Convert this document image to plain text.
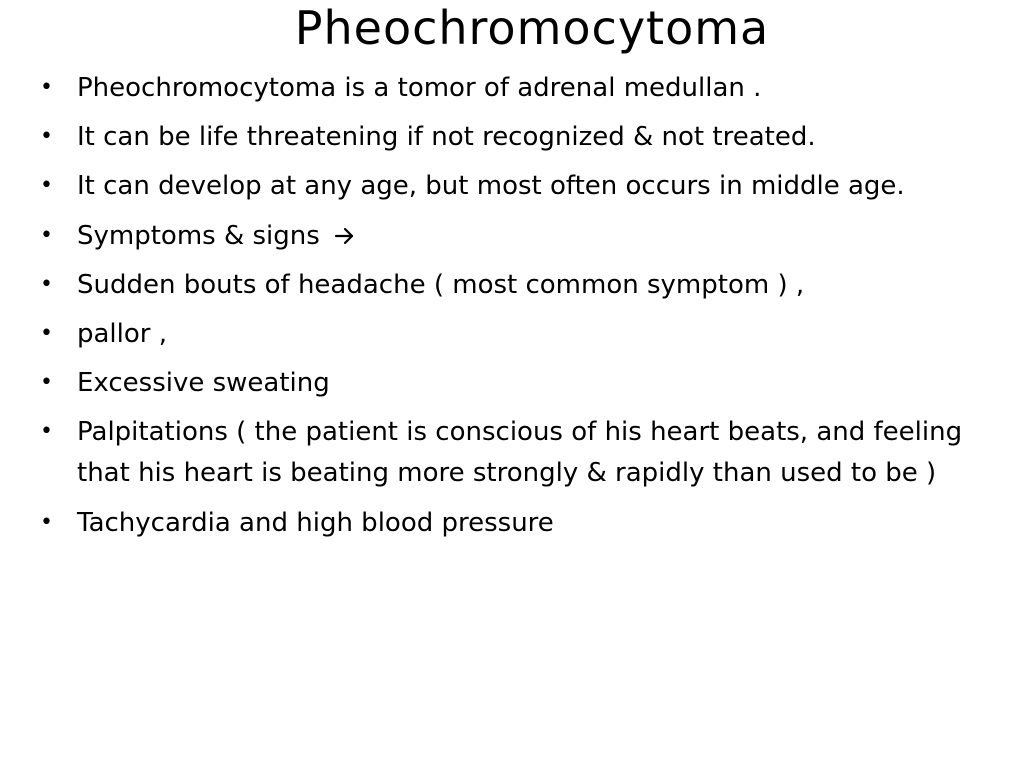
Pheochromocytoma
• Pheochromocytoma is a tomor of adrenal medullan .
• It can be life threatening if not recognized & not treated.
• It can develop at any age, but most often occurs in middle age.
• Symptoms & signs
• Sudden bouts of headache ( most common symptom ) ,
• pallor ,
• Excessive sweating
• Palpitations ( the patient is conscious of his heart beats, and feeling that his heart is beating more strongly & rapidly than used to be )
• Tachycardia and high blood pressure
